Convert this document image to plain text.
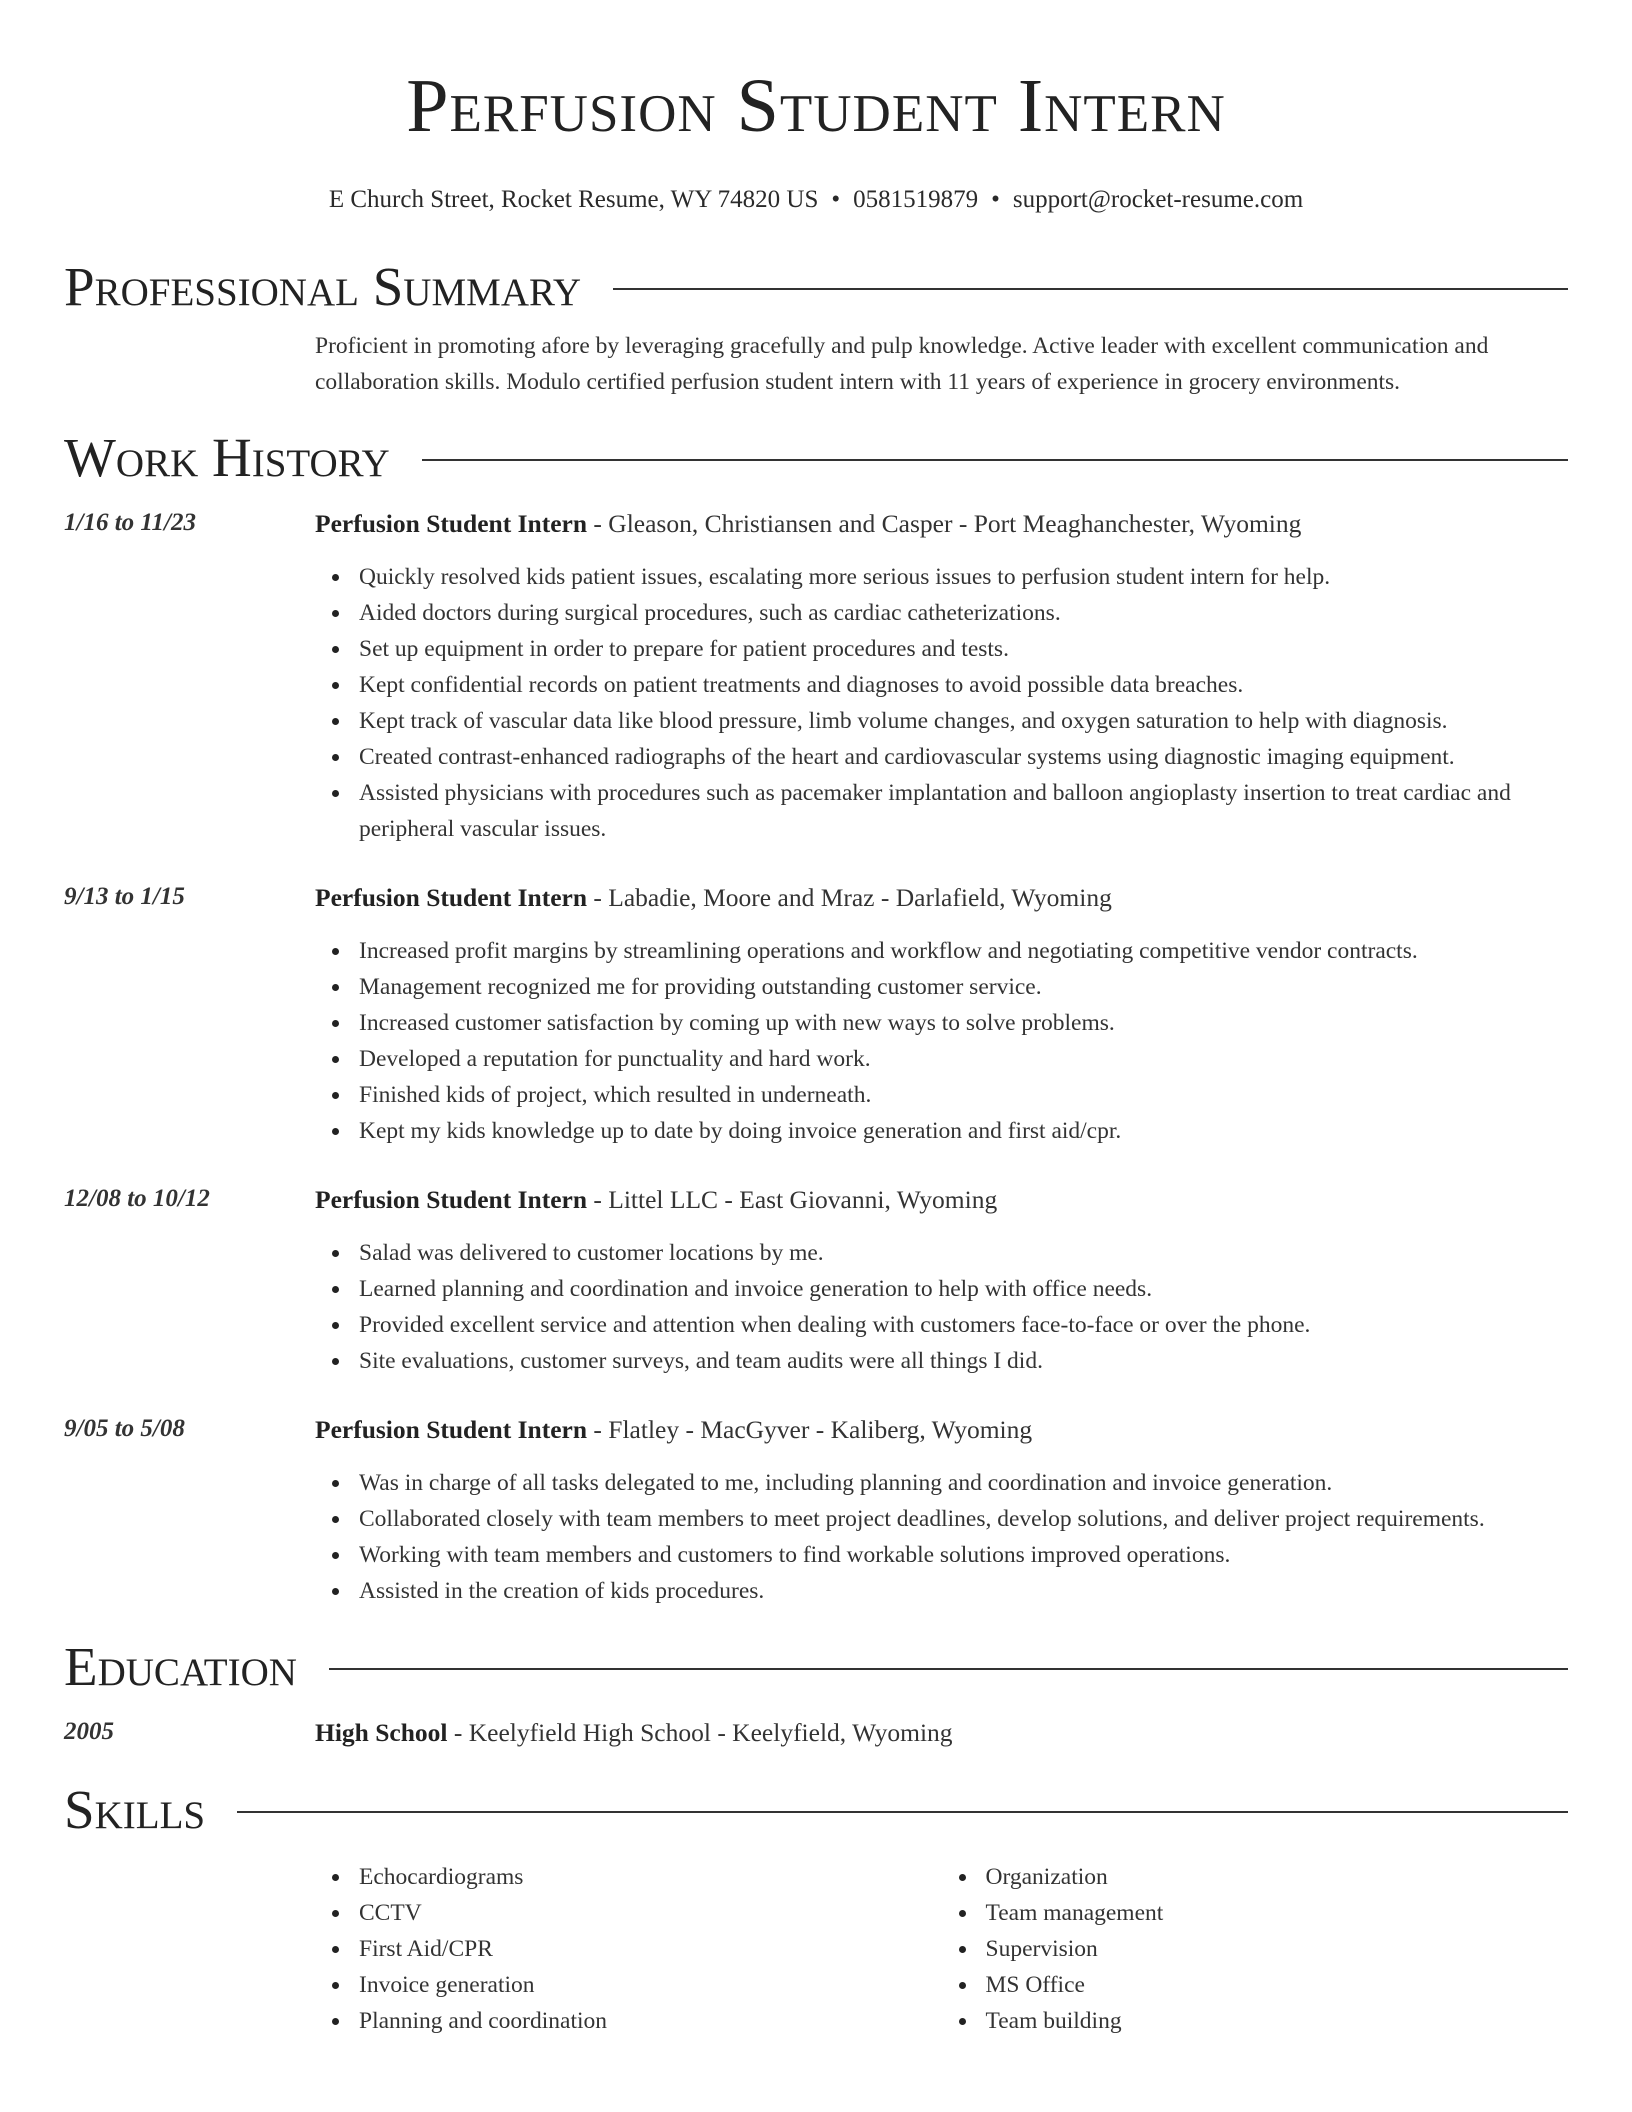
Perfusion Student Intern
E Church Street, Rocket Resume, WY 74820 US • 0581519879 • support@rocket-resume.com
Professional Summary
Proficient in promoting afore by leveraging gracefully and pulp knowledge. Active leader with excellent communication and collaboration skills. Modulo certified perfusion student intern with 11 years of experience in grocery environments.
Work History
1/16 to 11/23	Perfusion Student Intern - Gleason, Christiansen and Casper - Port Meaghanchester, Wyoming
Quickly resolved kids patient issues, escalating more serious issues to perfusion student intern for help.
Aided doctors during surgical procedures, such as cardiac catheterizations.
Set up equipment in order to prepare for patient procedures and tests.
Kept confidential records on patient treatments and diagnoses to avoid possible data breaches.
Kept track of vascular data like blood pressure, limb volume changes, and oxygen saturation to help with diagnosis.
Created contrast-enhanced radiographs of the heart and cardiovascular systems using diagnostic imaging equipment.
Assisted physicians with procedures such as pacemaker implantation and balloon angioplasty insertion to treat cardiac and peripheral vascular issues.
9/13 to 1/15	Perfusion Student Intern - Labadie, Moore and Mraz - Darlafield, Wyoming
Increased profit margins by streamlining operations and workflow and negotiating competitive vendor contracts.
Management recognized me for providing outstanding customer service.
Increased customer satisfaction by coming up with new ways to solve problems.
Developed a reputation for punctuality and hard work.
Finished kids of project, which resulted in underneath.
Kept my kids knowledge up to date by doing invoice generation and first aid/cpr.
12/08 to 10/12	Perfusion Student Intern - Littel LLC - East Giovanni, Wyoming
Salad was delivered to customer locations by me.
Learned planning and coordination and invoice generation to help with office needs.
Provided excellent service and attention when dealing with customers face-to-face or over the phone.
Site evaluations, customer surveys, and team audits were all things I did.
9/05 to 5/08	Perfusion Student Intern - Flatley - MacGyver - Kaliberg, Wyoming
Was in charge of all tasks delegated to me, including planning and coordination and invoice generation.
Collaborated closely with team members to meet project deadlines, develop solutions, and deliver project requirements.
Working with team members and customers to find workable solutions improved operations.
Assisted in the creation of kids procedures.
Education
2005	High School - Keelyfield High School - Keelyfield, Wyoming
Skills
Echocardiograms
CCTV
First Aid/CPR
Invoice generation
Planning and coordination
Organization
Team management
Supervision
MS Office
Team building
